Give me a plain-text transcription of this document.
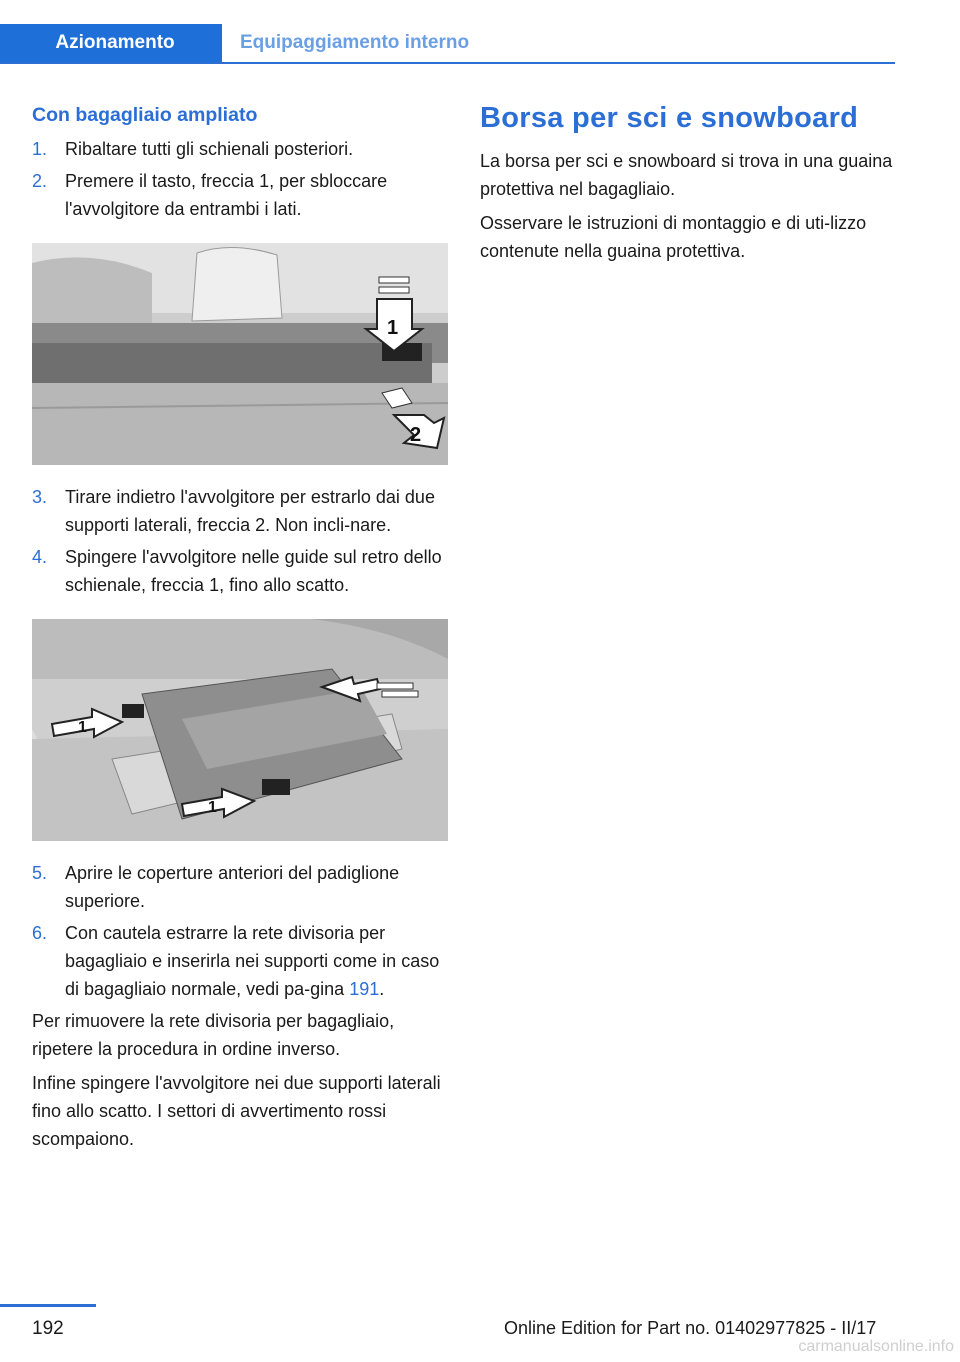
Azionamento	Equipaggiamento interno
Con bagagliaio ampliato
1. Ribaltare tutti gli schienali posteriori.
2. Premere il tasto, freccia 1, per sbloccare l'avvolgitore da entrambi i lati.
1
2
3. Tirare indietro l'avvolgitore per estrarlo dai due supporti laterali, freccia 2. Non incli-nare.
4. Spingere l'avvolgitore nelle guide sul retro dello schienale, freccia 1, fino allo scatto.
1
1
5. Aprire le coperture anteriori del padiglione superiore.
6. Con cautela estrarre la rete divisoria per bagagliaio e inserirla nei supporti come in caso di bagagliaio normale, vedi pa-gina 191.

Per rimuovere la rete divisoria per bagagliaio, ripetere la procedura in ordine inverso.

Infine spingere l'avvolgitore nei due supporti laterali fino allo scatto. I settori di avvertimento rossi scompaiono.

Borsa per sci e snowboard

La borsa per sci e snowboard si trova in una guaina protettiva nel bagagliaio.

Osservare le istruzioni di montaggio e di uti-lizzo contenute nella guaina protettiva.

192	Online Edition for Part no. 01402977825 - II/17
carmanualsonline.info
